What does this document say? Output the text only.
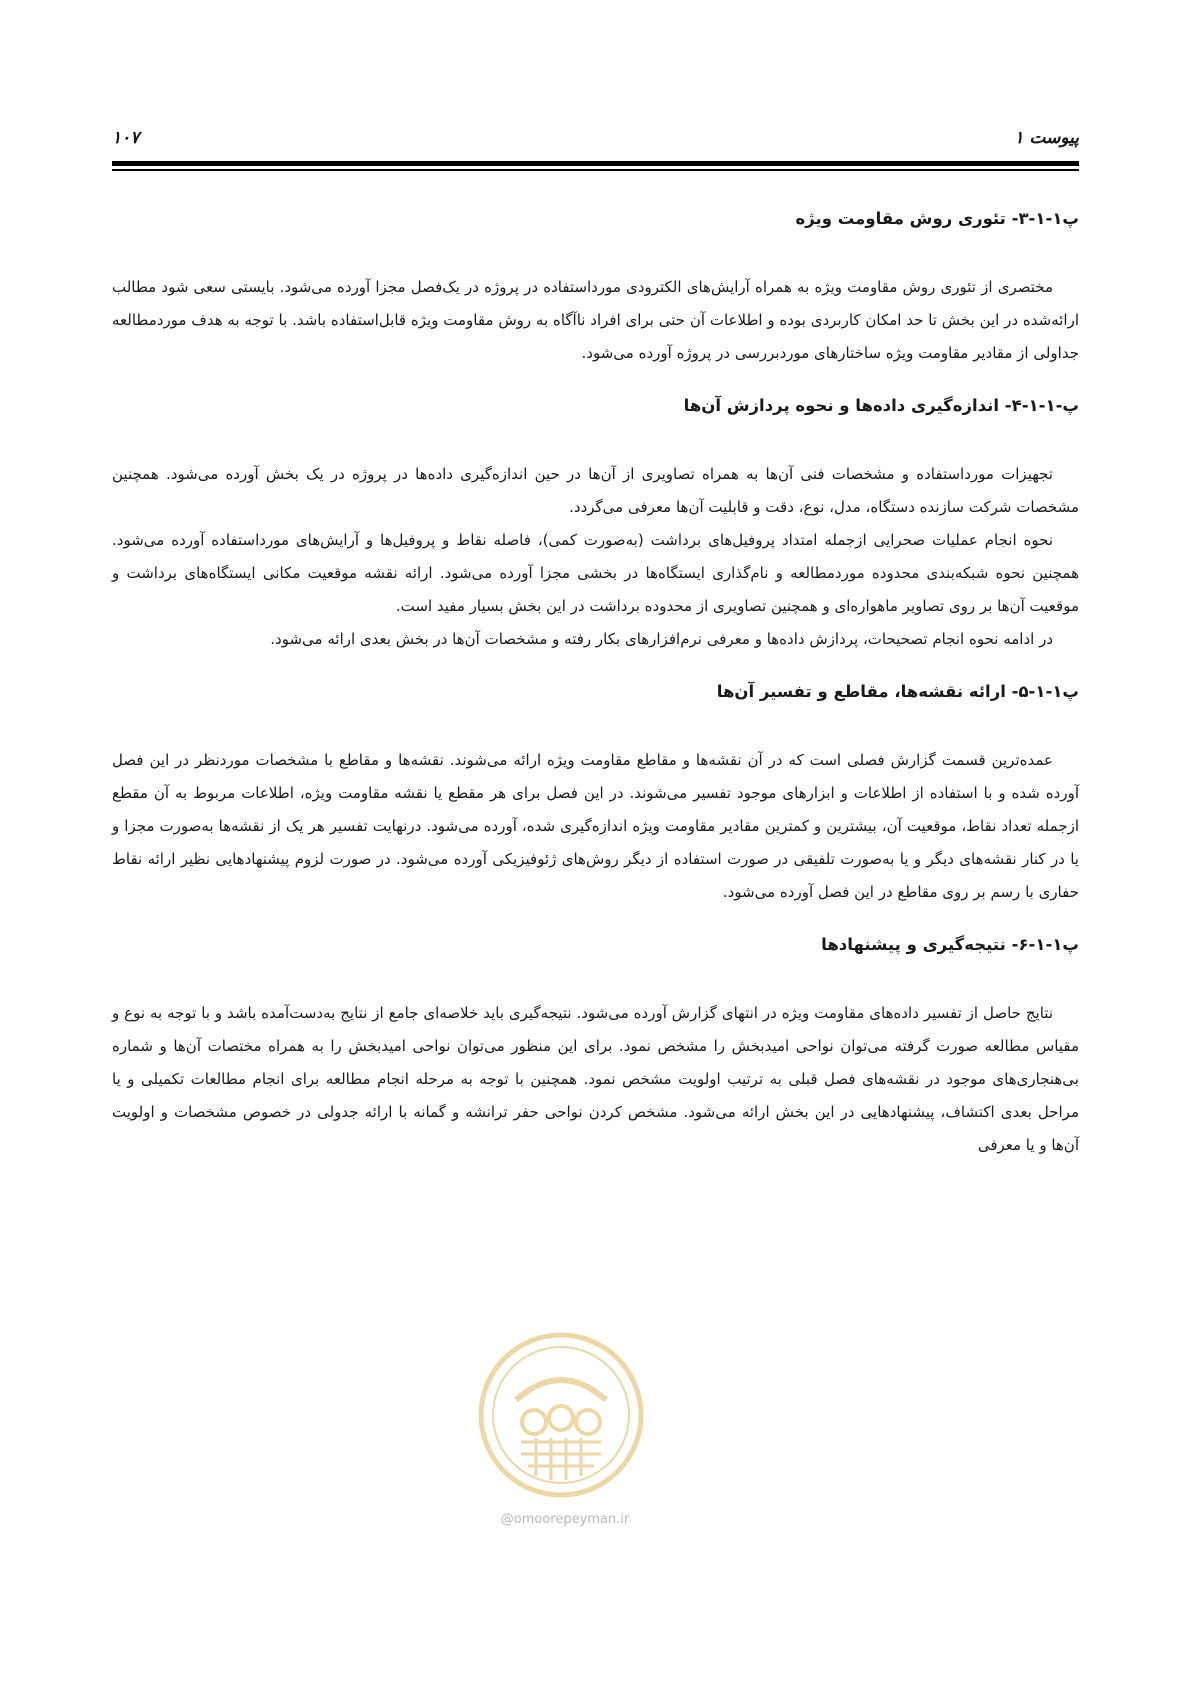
پیوست ۱
۱۰۷
پ۱-۱-۳- تئوری روش مقاومت ویژه

مختصری از تئوری روش مقاومت ویژه به همراه آرایش‌های الکترودی مورداستفاده در پروژه در یک‌فصل مجزا آورده می‌شود. بایستی سعی شود مطالب ارائه‌شده در این بخش تا حد امکان کاربردی بوده و اطلاعات آن حتی برای افراد ناآگاه به روش مقاومت ویژه قابل‌استفاده باشد. با توجه به هدف موردمطالعه جداولی از مقادیر مقاومت ویژه ساختارهای موردبررسی در پروژه آورده می‌شود.

پ-۱-۱-۴- اندازه‌گیری داده‌ها و نحوه پردازش آن‌ها

تجهیزات مورداستفاده و مشخصات فنی آن‌ها به همراه تصاویری از آن‌ها در حین اندازه‌گیری داده‌ها در پروژه در یک بخش آورده می‌شود. همچنین مشخصات شرکت سازنده دستگاه، مدل، نوع، دقت و قابلیت آن‌ها معرفی می‌گردد.

نحوه انجام عملیات صحرایی ازجمله امتداد پروفیل‌های برداشت (به‌صورت کمی)، فاصله نقاط و پروفیل‌ها و آرایش‌های مورداستفاده آورده می‌شود. همچنین نحوه شبکه‌بندی محدوده موردمطالعه و نام‌گذاری ایستگاه‌ها در بخشی مجزا آورده می‌شود. ارائه نقشه موقعیت مکانی ایستگاه‌های برداشت و موقعیت آن‌ها بر روی تصاویر ماهواره‌ای و همچنین تصاویری از محدوده برداشت در این بخش بسیار مفید است.

در ادامه نحوه انجام تصحیحات، پردازش داده‌ها و معرفی نرم‌افزارهای بکار رفته و مشخصات آن‌ها در بخش بعدی ارائه می‌شود.

پ۱-۱-۵- ارائه نقشه‌ها، مقاطع و تفسیر آن‌ها

عمده‌ترین قسمت گزارش فصلی است که در آن نقشه‌ها و مقاطع مقاومت ویژه ارائه می‌شوند. نقشه‌ها و مقاطع با مشخصات موردنظر در این فصل آورده شده و با استفاده از اطلاعات و ابزارهای موجود تفسیر می‌شوند. در این فصل برای هر مقطع یا نقشه مقاومت ویژه، اطلاعات مربوط به آن مقطع ازجمله تعداد نقاط، موقعیت آن، بیشترین و کمترین مقادیر مقاومت ویژه اندازه‌گیری شده، آورده می‌شود. درنهایت تفسیر هر یک از نقشه‌ها به‌صورت مجزا و یا در کنار نقشه‌های دیگر و یا به‌صورت تلفیقی در صورت استفاده از دیگر روش‌های ژئوفیزیکی آورده می‌شود. در صورت لزوم پیشنهادهایی نظیر ارائه نقاط حفاری با رسم بر روی مقاطع در این فصل آورده می‌شود.

پ۱-۱-۶- نتیجه‌گیری و پیشنهادها

نتایج حاصل از تفسیر داده‌های مقاومت ویژه در انتهای گزارش آورده می‌شود. نتیجه‌گیری باید خلاصه‌ای جامع از نتایج به‌دست‌آمده باشد و با توجه به نوع و مقیاس مطالعه صورت گرفته می‌توان نواحی امیدبخش را مشخص نمود. برای این منظور می‌توان نواحی امیدبخش را به همراه مختصات آن‌ها و شماره بی‌هنجاری‌های موجود در نقشه‌های فصل قبلی به ترتیب اولویت مشخص نمود. همچنین با توجه به مرحله انجام مطالعه برای انجام مطالعات تکمیلی و یا مراحل بعدی اکتشاف، پیشنهادهایی در این بخش ارائه می‌شود. مشخص کردن نواحی حفر ترانشه و گمانه با ارائه جدولی در خصوص مشخصات و اولویت آن‌ها و یا معرفی

@omoorepeyman.ir
